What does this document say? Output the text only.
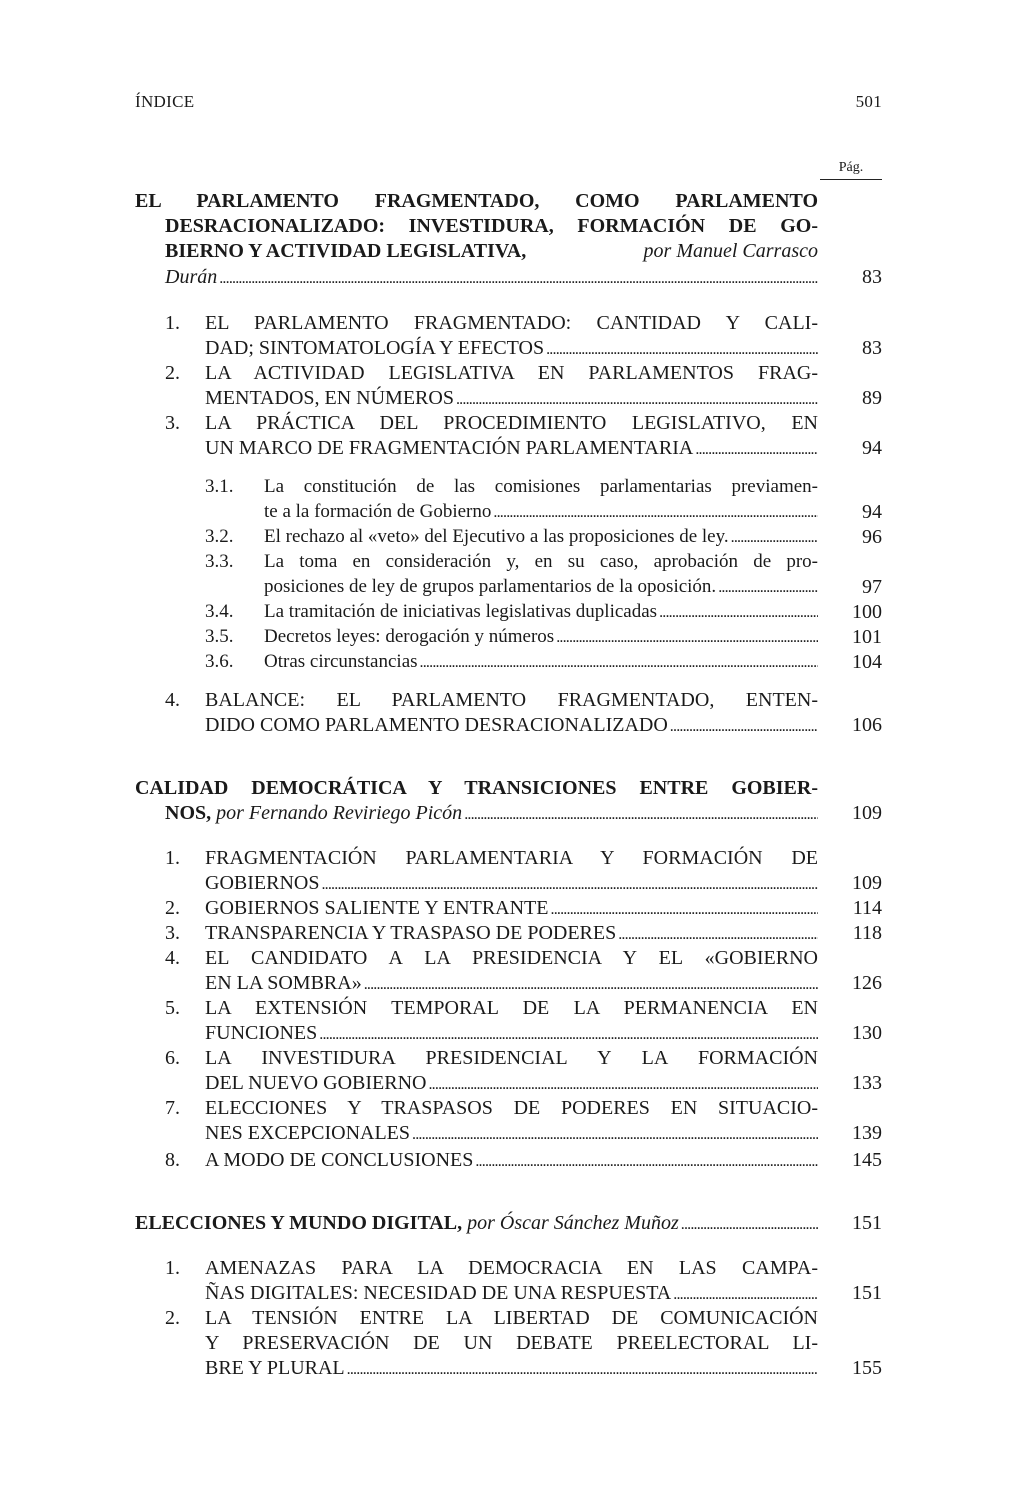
ÍNDICE	501
Pág.
EL PARLAMENTO FRAGMENTADO, COMO PARLAMENTO
DESRACIONALIZADO: INVESTIDURA, FORMACIÓN DE GO-
BIERNO Y ACTIVIDAD LEGISLATIVA,	por Manuel Carrasco
Durán . . .	83
1. EL PARLAMENTO FRAGMENTADO: CANTIDAD Y CALI-
DAD; SINTOMATOLOGÍA Y EFECTOS . . .	83
2. LA ACTIVIDAD LEGISLATIVA EN PARLAMENTOS FRAG-
MENTADOS, EN NÚMEROS . . .	89
3. LA PRÁCTICA DEL PROCEDIMIENTO LEGISLATIVO, EN
UN MARCO DE FRAGMENTACIÓN PARLAMENTARIA . . .	94
3.1. La constitución de las comisiones parlamentarias previamen-
te a la formación de Gobierno . . .	94
3.2. El rechazo al «veto» del Ejecutivo a las proposiciones de ley. . . .	96
3.3. La toma en consideración y, en su caso, aprobación de pro-
posiciones de ley de grupos parlamentarios de la oposición. . . .	97
3.4. La tramitación de iniciativas legislativas duplicadas . . .	100
3.5. Decretos leyes: derogación y números . . .	101
3.6. Otras circunstancias . . .	104
4. BALANCE: EL PARLAMENTO FRAGMENTADO, ENTEN-
DIDO COMO PARLAMENTO DESRACIONALIZADO . . .	106
CALIDAD DEMOCRÁTICA Y TRANSICIONES ENTRE GOBIER-
NOS, por Fernando Reviriego Picón . . .	109
1. FRAGMENTACIÓN PARLAMENTARIA Y FORMACIÓN DE
GOBIERNOS . . .	109
2. GOBIERNOS SALIENTE Y ENTRANTE . . .	114
3. TRANSPARENCIA Y TRASPASO DE PODERES . . .	118
4. EL CANDIDATO A LA PRESIDENCIA Y EL «GOBIERNO
EN LA SOMBRA» . . .	126
5. LA EXTENSIÓN TEMPORAL DE LA PERMANENCIA EN
FUNCIONES . . .	130
6. LA INVESTIDURA PRESIDENCIAL Y LA FORMACIÓN
DEL NUEVO GOBIERNO . . .	133
7. ELECCIONES Y TRASPASOS DE PODERES EN SITUACIO-
NES EXCEPCIONALES . . .	139
8. A MODO DE CONCLUSIONES . . .	145
ELECCIONES Y MUNDO DIGITAL, por Óscar Sánchez Muñoz . . .	151
1. AMENAZAS PARA LA DEMOCRACIA EN LAS CAMPA-
ÑAS DIGITALES: NECESIDAD DE UNA RESPUESTA . . .	151
2. LA TENSIÓN ENTRE LA LIBERTAD DE COMUNICACIÓN
Y PRESERVACIÓN DE UN DEBATE PREELECTORAL LI-
BRE Y PLURAL . . .	155
